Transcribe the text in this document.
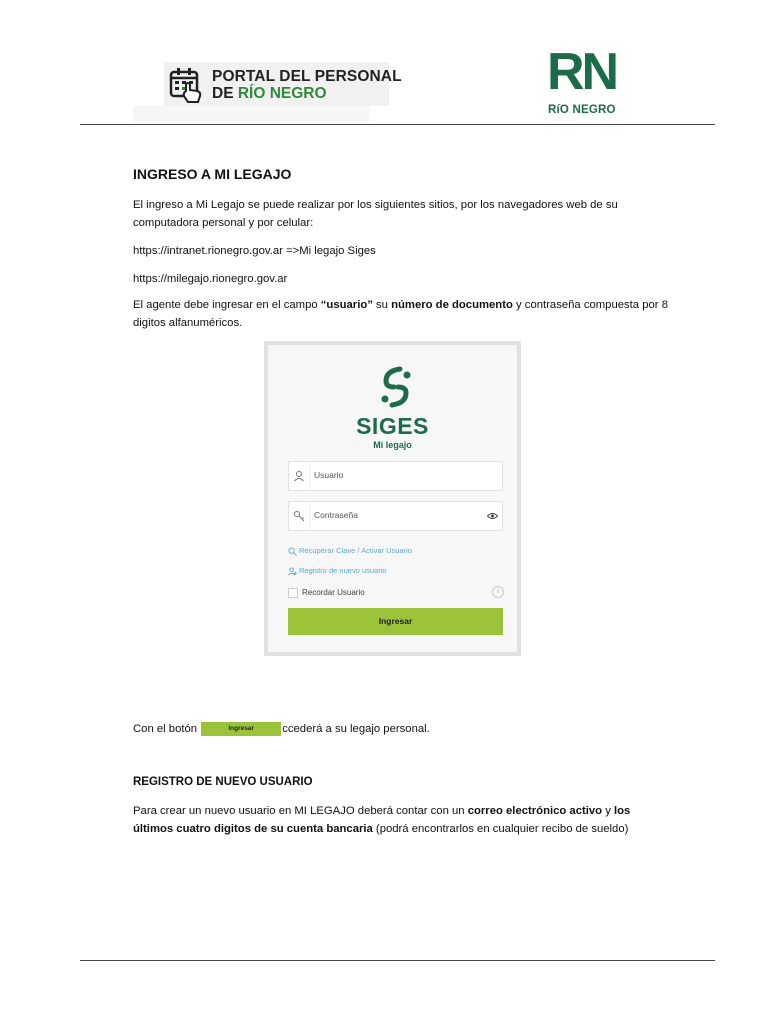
PORTAL DEL PERSONAL
DE RÍO NEGRO	RN
RíO NEGRO
INGRESO A MI LEGAJO
El ingreso a Mi Legajo se puede realizar por los siguientes sitios, por los navegadores web de su computadora personal y por celular:
https://intranet.rionegro.gov.ar =>Mi legajo Siges
https://milegajo.rionegro.gov.ar
El agente debe ingresar en el campo “usuario” su número de documento y contraseña compuesta por 8 digitos alfanuméricos.
SIGES
Mi legajo
Usuario
Contraseña
Recuperar Clave / Activar Usuario
Registro de nuevo usuario
Recordar Usuario	i
Ingresar
Con el botón	Ingresar ccederá a su legajo personal.
REGISTRO DE NUEVO USUARIO
Para crear un nuevo usuario en MI LEGAJO deberá contar con un correo electrónico activo y los últimos cuatro digitos de su cuenta bancaria (podrá encontrarlos en cualquier recibo de sueldo)
